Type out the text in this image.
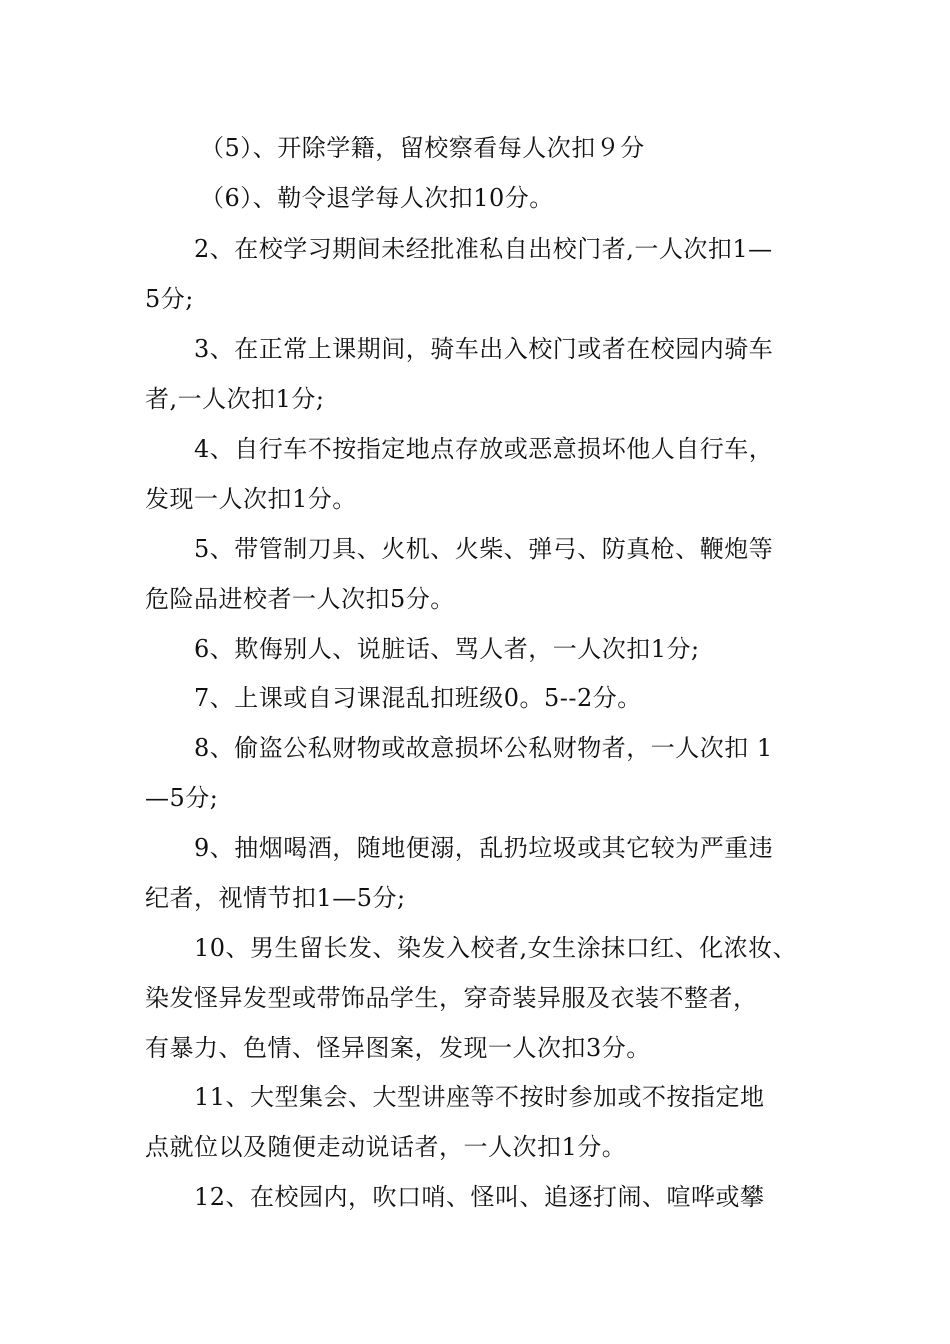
（5）、开除学籍，留校察看每人次扣９分
（6）、勒令退学每人次扣10分。
2、在校学习期间未经批准私自出校门者,一人次扣1—
5分;
3、在正常上课期间，骑车出入校门或者在校园内骑车
者,一人次扣1分;
4、自行车不按指定地点存放或恶意损坏他人自行车，
发现一人次扣1分。
5、带管制刀具、火机、火柴、弹弓、防真枪、鞭炮等
危险品进校者一人次扣5分。
6、欺侮别人、说脏话、骂人者，一人次扣1分;
7、上课或自习课混乱扣班级0。5--2分。
8、偷盗公私财物或故意损坏公私财物者，一人次扣 1
—5分;
9、抽烟喝酒，随地便溺，乱扔垃圾或其它较为严重违
纪者，视情节扣1—5分;
10、男生留长发、染发入校者,女生涂抹口红、化浓妆、
染发怪异发型或带饰品学生，穿奇装异服及衣装不整者，
有暴力、色情、怪异图案，发现一人次扣3分。
11、大型集会、大型讲座等不按时参加或不按指定地
点就位以及随便走动说话者，一人次扣1分。
12、在校园内，吹口哨、怪叫、追逐打闹、喧哗或攀
